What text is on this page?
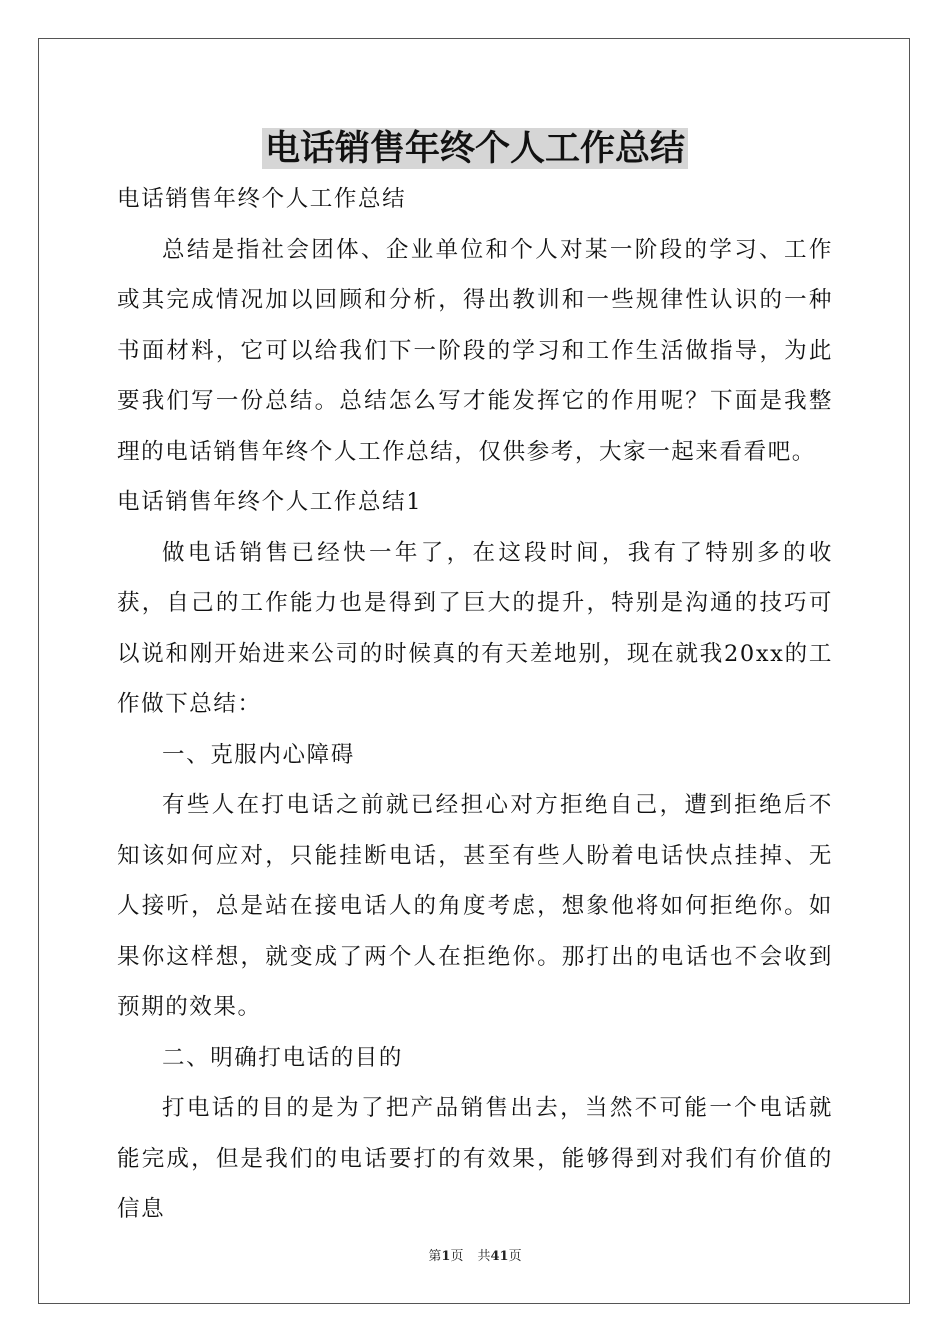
电话销售年终个人工作总结

电话销售年终个人工作总结

总结是指社会团体、企业单位和个人对某一阶段的学习、工作或其完成情况加以回顾和分析，得出教训和一些规律性认识的一种书面材料，它可以给我们下一阶段的学习和工作生活做指导，为此要我们写一份总结。总结怎么写才能发挥它的作用呢？下面是我整理的电话销售年终个人工作总结，仅供参考，大家一起来看看吧。

电话销售年终个人工作总结1

做电话销售已经快一年了，在这段时间，我有了特别多的收获，自己的工作能力也是得到了巨大的提升，特别是沟通的技巧可以说和刚开始进来公司的时候真的有天差地别，现在就我20xx的工作做下总结：

一、克服内心障碍

有些人在打电话之前就已经担心对方拒绝自己，遭到拒绝后不知该如何应对，只能挂断电话，甚至有些人盼着电话快点挂掉、无人接听，总是站在接电话人的角度考虑，想象他将如何拒绝你。如果你这样想，就变成了两个人在拒绝你。那打出的电话也不会收到预期的效果。

二、明确打电话的目的

打电话的目的是为了把产品销售出去，当然不可能一个电话就能完成，但是我们的电话要打的有效果，能够得到对我们有价值的信息

第1页 共41页
